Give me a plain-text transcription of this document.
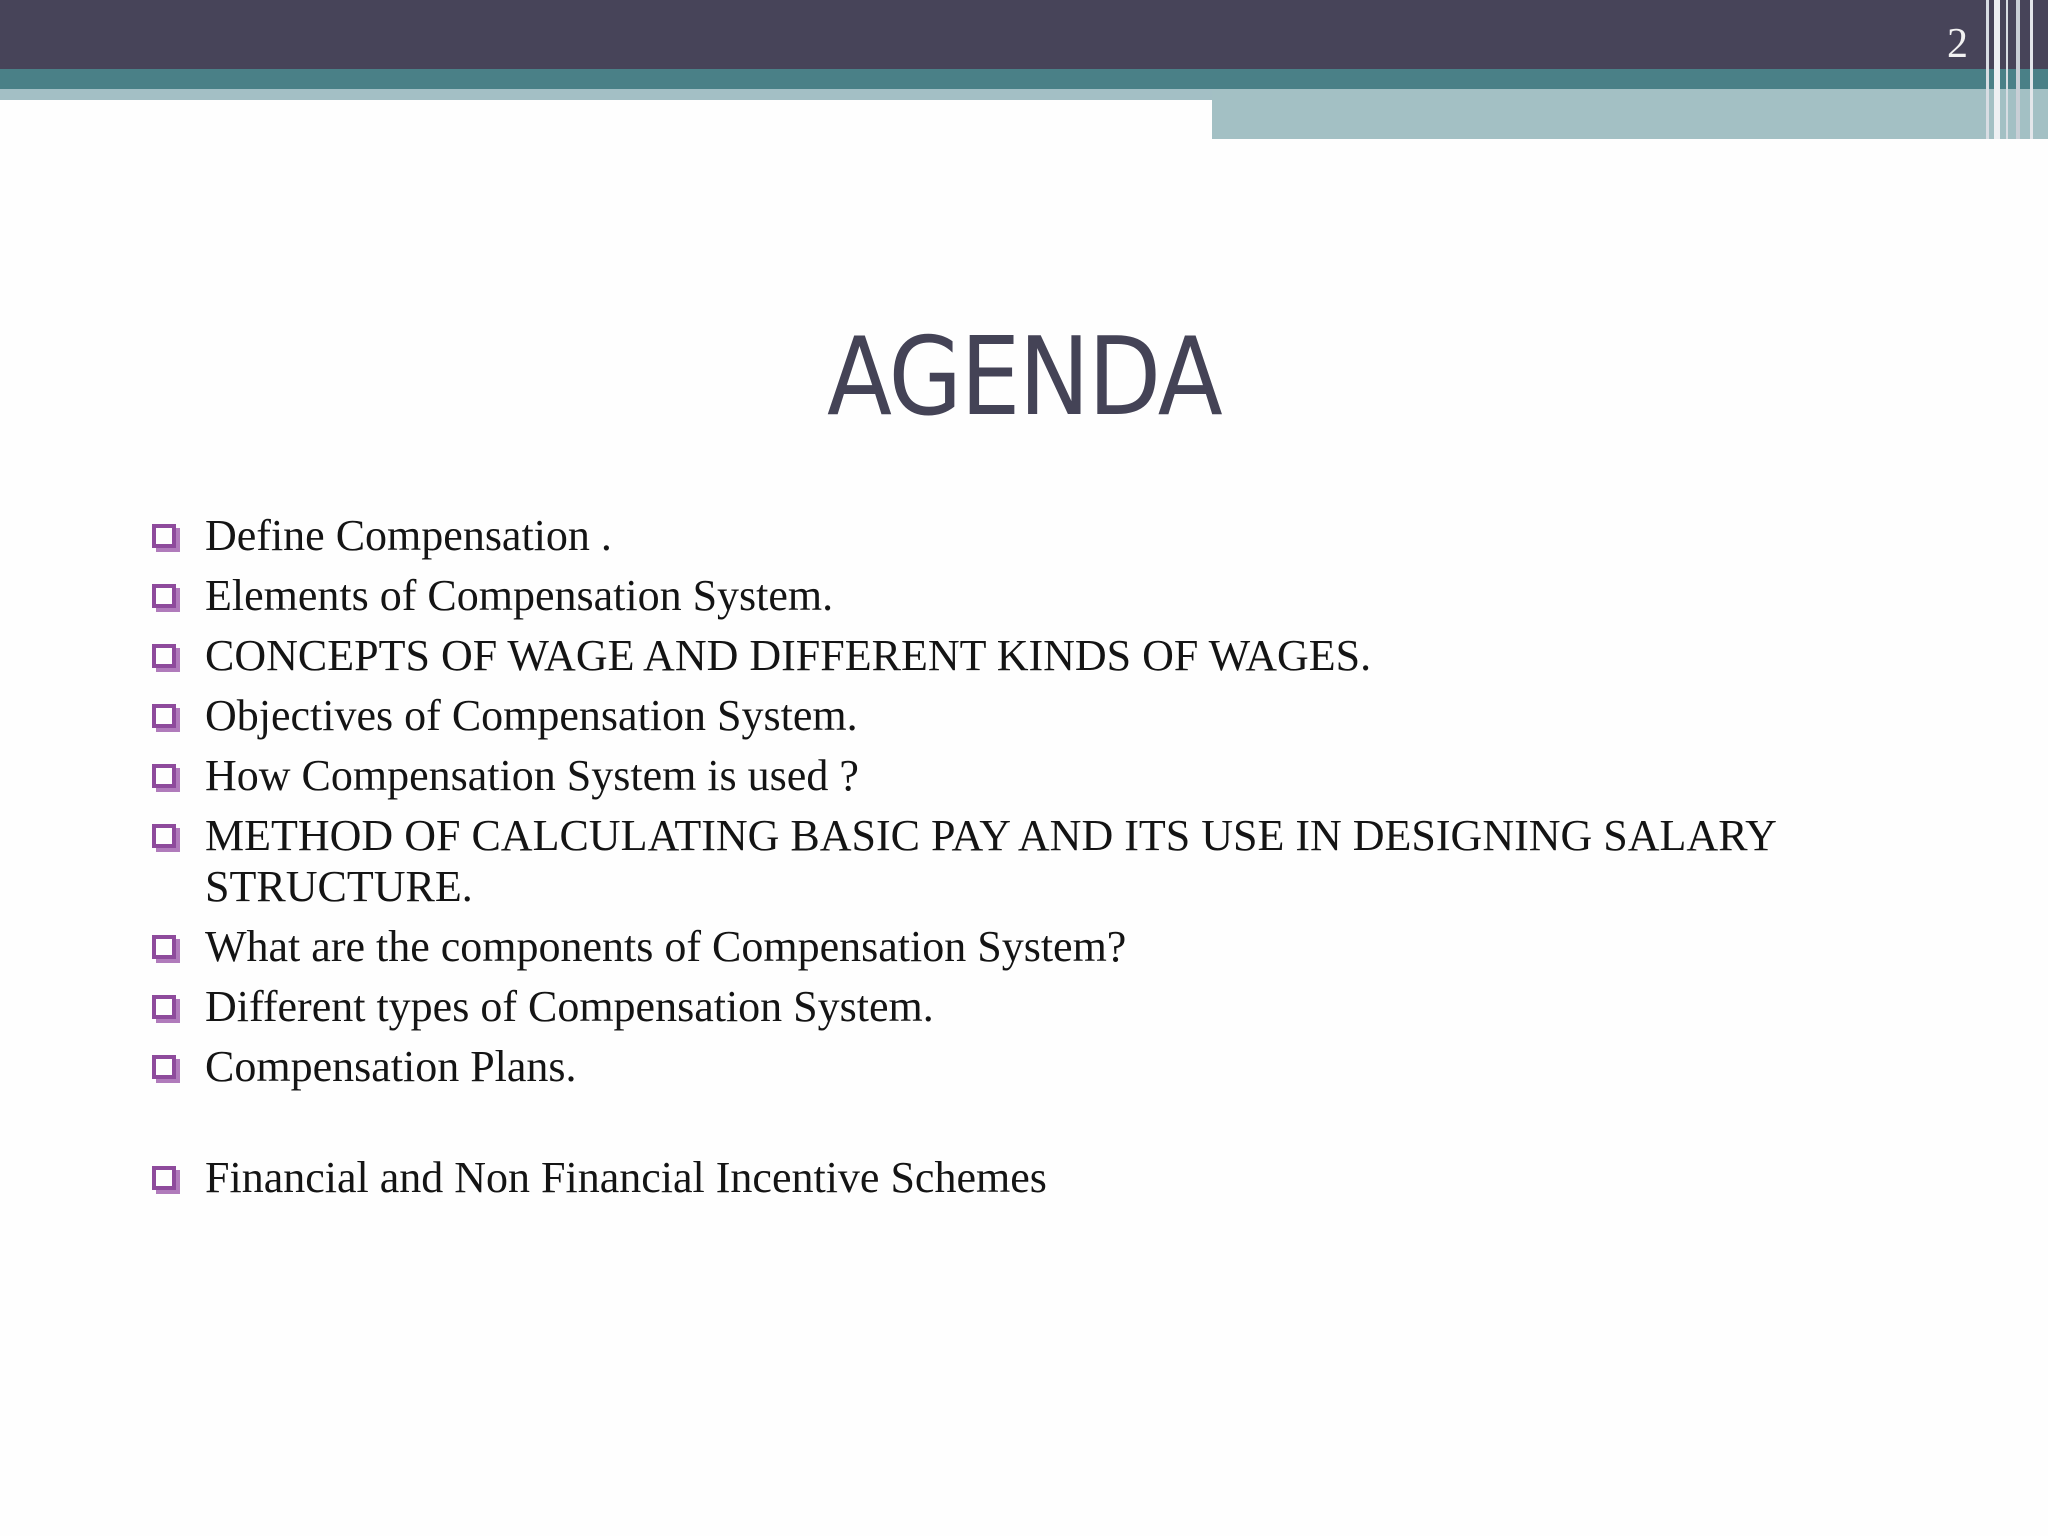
2
AGENDA
Define Compensation .
Elements of Compensation System.
CONCEPTS OF WAGE AND DIFFERENT KINDS OF WAGES.
Objectives of Compensation System.
How Compensation System is used ?
METHOD OF CALCULATING BASIC PAY AND ITS USE IN DESIGNING SALARY STRUCTURE.
What are the components of Compensation System?
Different types of Compensation System.
Compensation Plans.
Financial and Non Financial Incentive Schemes
